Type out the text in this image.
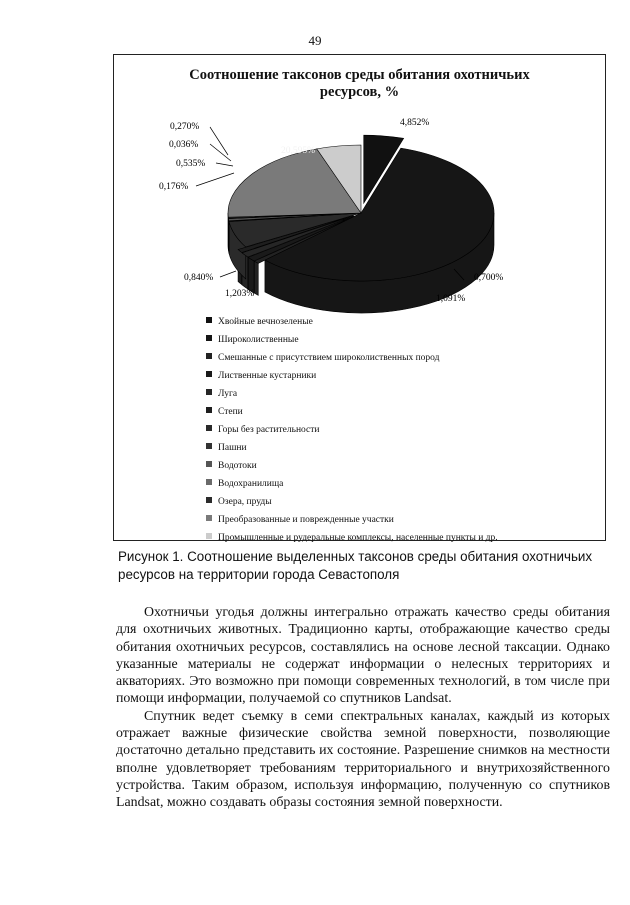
49
Соотношение таксонов среды обитания охотничьих
ресурсов, %
4,852%
0,700%
1,091%
1,203%
0,840%
0,176%
0,535%
0,036%
0,270%
20,595%
Хвойные вечнозеленые
Широколиственные
Смешанные с присутствием широколиственных пород
Лиственные кустарники
Луга
Степи
Горы без растительности
Пашни
Водотоки
Водохранилища
Озера, пруды
Преобразованные и поврежденные участки
Промышленные и рудеральные комплексы, населенные пункты и др.
Рисунок 1. Соотношение выделенных таксонов среды обитания охотничьих
ресурсов на территории города Севастополя

Охотничьи угодья должны интегрально отражать качество среды обитания для охотничьих животных. Традиционно карты, отображающие качество среды обитания охотничьих ресурсов, составлялись на основе лесной таксации. Однако указанные материалы не содержат информации о нелесных территориях и акваториях. Это возможно при помощи современных технологий, в том числе при помощи информации, получаемой со спутников Landsat.

Спутник ведет съемку в семи спектральных каналах, каждый из которых отражает важные физические свойства земной поверхности, позволяющие достаточно детально представить их состояние. Разрешение снимков на местности вполне удовлетворяет требованиям территориального и внутрихозяйственного устройства. Таким образом, используя информацию, полученную со спутников Landsat, можно создавать образы состояния земной поверхности.
